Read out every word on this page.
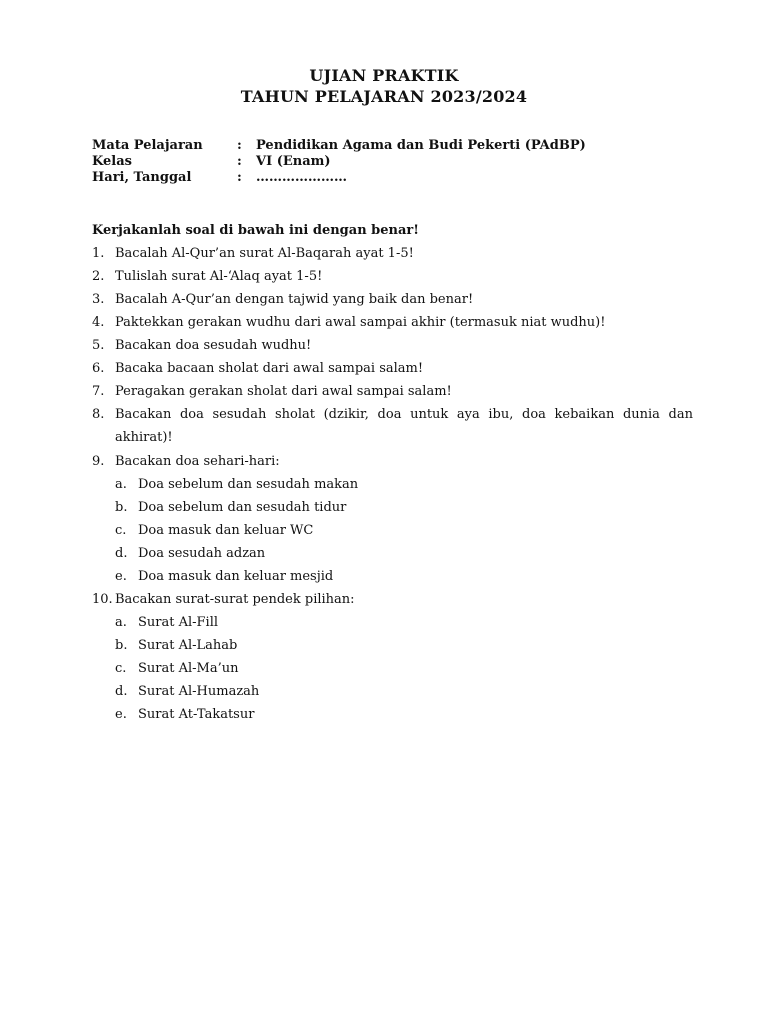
UJIAN PRAKTIK
TAHUN PELAJARAN 2023/2024
Mata Pelajaran	: Pendidikan Agama dan Budi Pekerti (PAdBP)
Kelas	: VI (Enam)
Hari, Tanggal	: …………………
Kerjakanlah soal di bawah ini dengan benar!
1. Bacalah Al-Qur’an surat Al-Baqarah ayat 1-5!
2. Tulislah surat Al-‘Alaq ayat 1-5!
3. Bacalah A-Qur’an dengan tajwid yang baik dan benar!
4. Paktekkan gerakan wudhu dari awal sampai akhir (termasuk niat wudhu)!
5. Bacakan doa sesudah wudhu!
6. Bacaka bacaan sholat dari awal sampai salam!
7. Peragakan gerakan sholat dari awal sampai salam!
8. Bacakan doa sesudah sholat (dzikir, doa untuk aya ibu, doa kebaikan dunia dan
akhirat)!
9. Bacakan doa sehari-hari:
a. Doa sebelum dan sesudah makan
b. Doa sebelum dan sesudah tidur
c. Doa masuk dan keluar WC
d. Doa sesudah adzan
e. Doa masuk dan keluar mesjid
10. Bacakan surat-surat pendek pilihan:
a. Surat Al-Fill
b. Surat Al-Lahab
c. Surat Al-Ma’un
d. Surat Al-Humazah
e. Surat At-Takatsur
